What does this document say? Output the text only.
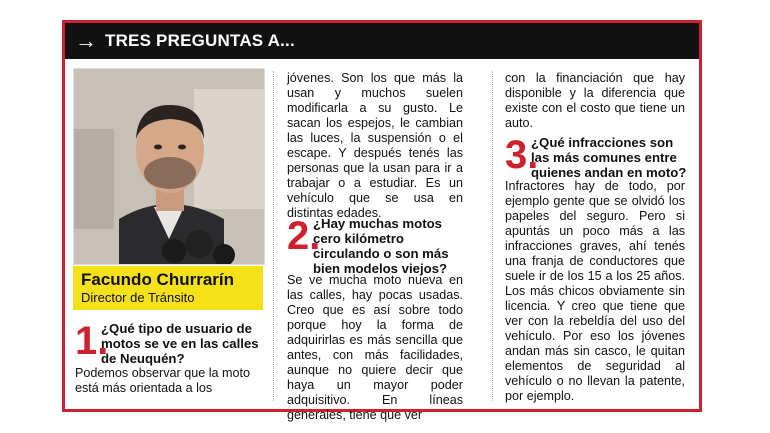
→ TRES PREGUNTAS A...
Facundo Churrarín
Director de Tránsito
1.
¿Qué tipo de usuario de motos se ve en las calles de Neuquén?
Podemos observar que la moto está más orientada a los
jóvenes. Son los que más la usan y muchos suelen modificarla a su gusto. Le sacan los espejos, le cambian las luces, la suspensión o el escape. Y después tenés las personas que la usan para ir a trabajar o a estudiar. Es un vehículo que se usa en distintas edades.
2.
¿Hay muchas motos cero kilómetro circulando o son más bien modelos viejos?
Se ve mucha moto nueva en las calles, hay pocas usadas. Creo que es así sobre todo porque hoy la forma de adquirirlas es más sencilla que antes, con más facilidades, aunque no quiere decir que haya un mayor poder adquisitivo. En líneas generales, tiene que ver
con la financiación que hay disponible y la diferencia que existe con el costo que tiene un auto.
3.
¿Qué infracciones son las más comunes entre quienes andan en moto?
Infractores hay de todo, por ejemplo gente que se olvidó los papeles del seguro. Pero si apuntás un poco más a las infracciones graves, ahí tenés una franja de conductores que suele ir de los 15 a los 25 años. Los más chicos obviamente sin licencia. Y creo que tiene que ver con la rebeldía del uso del vehículo. Por eso los jóvenes andan más sin casco, le quitan elementos de seguridad al vehículo o no llevan la patente, por ejemplo.
